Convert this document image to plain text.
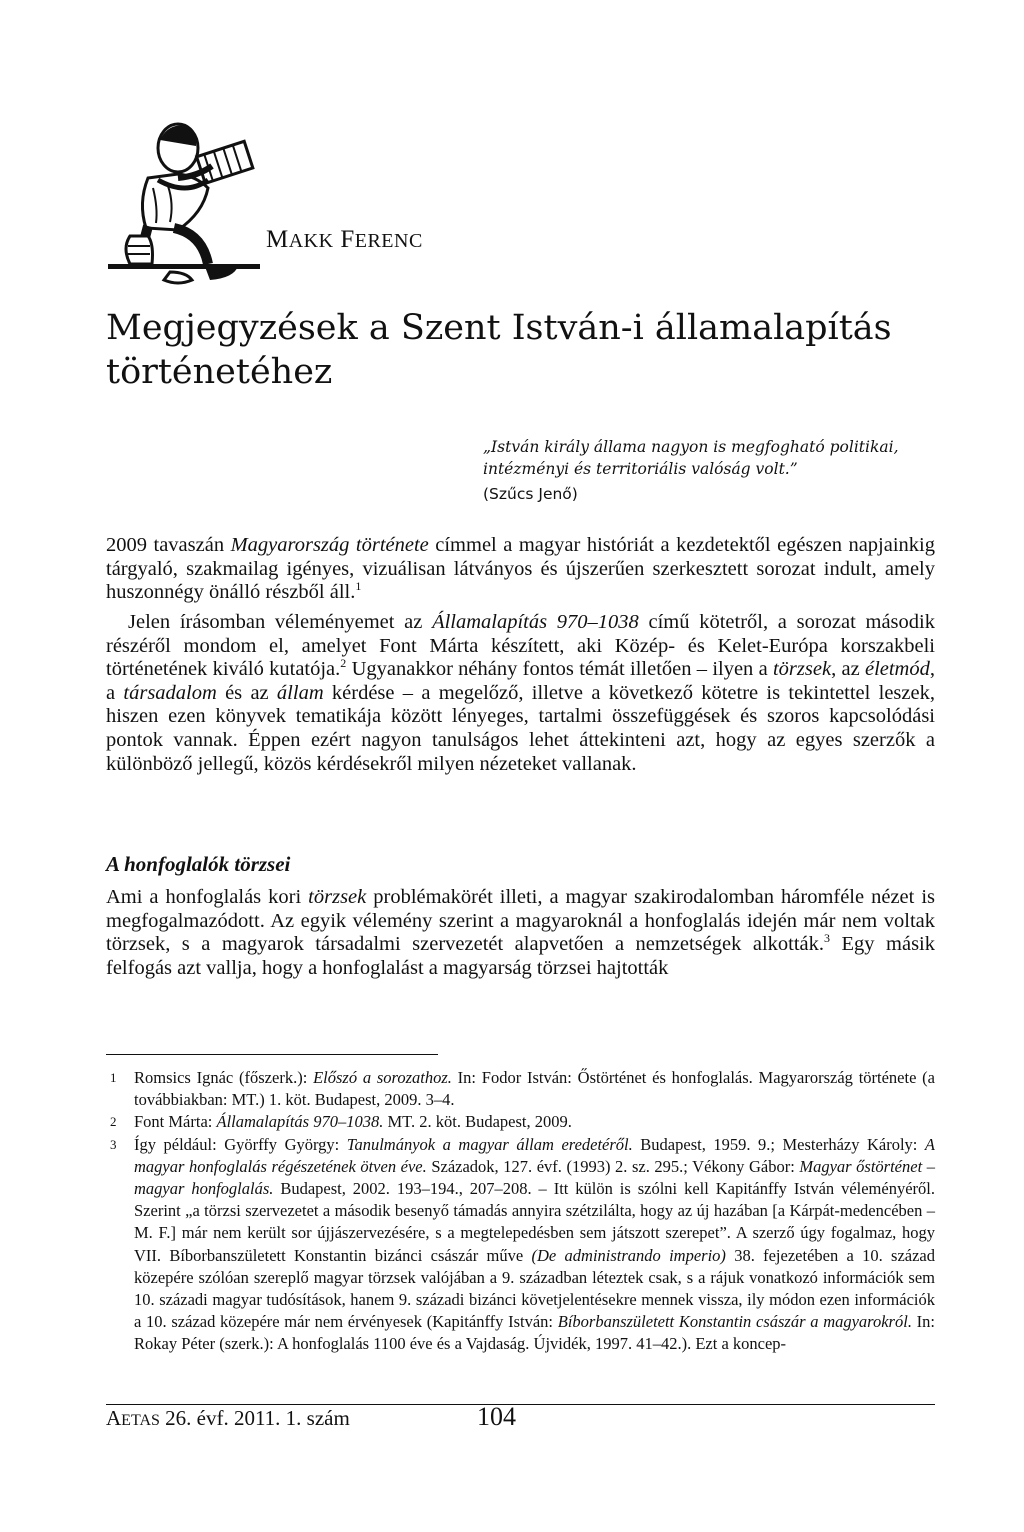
MAKK FERENC
Megjegyzések a Szent István-i államalapítás történetéhez
„István király állama nagyon is megfogható politikai, intézményi és territoriális valóság volt.”
(Szűcs Jenő)

2009 tavaszán Magyarország története címmel a magyar históriát a kezdetektől egészen napjainkig tárgyaló, szakmailag igényes, vizuálisan látványos és újszerűen szerkesztett sorozat indult, amely huszonnégy önálló részből áll.$^1$

Jelen írásomban véleményemet az Államalapítás 970–1038 című kötetről, a sorozat második részéről mondom el, amelyet Font Márta készített, aki Közép- és Kelet-Európa korszakbeli történetének kiváló kutatója.$^2$ Ugyanakkor néhány fontos témát illetően – ilyen a törzsek, az életmód, a társadalom és az állam kérdése – a megelőző, illetve a következő kötetre is tekintettel leszek, hiszen ezen könyvek tematikája között lényeges, tartalmi összefüggések és szoros kapcsolódási pontok vannak. Éppen ezért nagyon tanulságos lehet áttekinteni azt, hogy az egyes szerzők a különböző jellegű, közös kérdésekről milyen nézeteket vallanak.

A honfoglalók törzsei

Ami a honfoglalás kori törzsek problémakörét illeti, a magyar szakirodalomban háromféle nézet is megfogalmazódott. Az egyik vélemény szerint a magyaroknál a honfoglalás idején már nem voltak törzsek, s a magyarok társadalmi szervezetét alapvetően a nemzetségek alkották.$^3$ Egy másik felfogás azt vallja, hogy a honfoglalást a magyarság törzsei hajtották

1	Romsics Ignác (főszerk.): Előszó a sorozathoz. In: Fodor István: Őstörténet és honfoglalás. Magyarország története (a továbbiakban: MT.) 1. köt. Budapest, 2009. 3–4.
2	Font Márta: Államalapítás 970–1038. MT. 2. köt. Budapest, 2009.
3	Így például: Györffy György: Tanulmányok a magyar állam eredetéről. Budapest, 1959. 9.; Mesterházy Károly: A magyar honfoglalás régészetének ötven éve. Századok, 127. évf. (1993) 2. sz. 295.; Vékony Gábor: Magyar őstörténet – magyar honfoglalás. Budapest, 2002. 193–194., 207–208. – Itt külön is szólni kell Kapitánffy István véleményéről. Szerint „a törzsi szervezetet a második besenyő támadás annyira szétzilálta, hogy az új hazában [a Kárpát-medencében – M. F.] már nem került sor újjászervezésére, s a megtelepedésben sem játszott szerepet”. A szerző úgy fogalmaz, hogy VII. Bíborbanszületett Konstantin bizánci császár műve (De administrando imperio) 38. fejezetében a 10. század közepére szólóan szereplő magyar törzsek valójában a 9. században léteztek csak, s a rájuk vonatkozó információk sem 10. századi magyar tudósítások, hanem 9. századi bizánci követjelentésekre mennek vissza, ily módon ezen információk a 10. század közepére már nem érvényesek (Kapitánffy István: Bíborbanszületett Konstantin császár a magyarokról. In: Rokay Péter (szerk.): A honfoglalás 1100 éve és a Vajdaság. Újvidék, 1997. 41–42.). Ezt a koncep-
AETAS 26. évf. 2011. 1. szám	104
